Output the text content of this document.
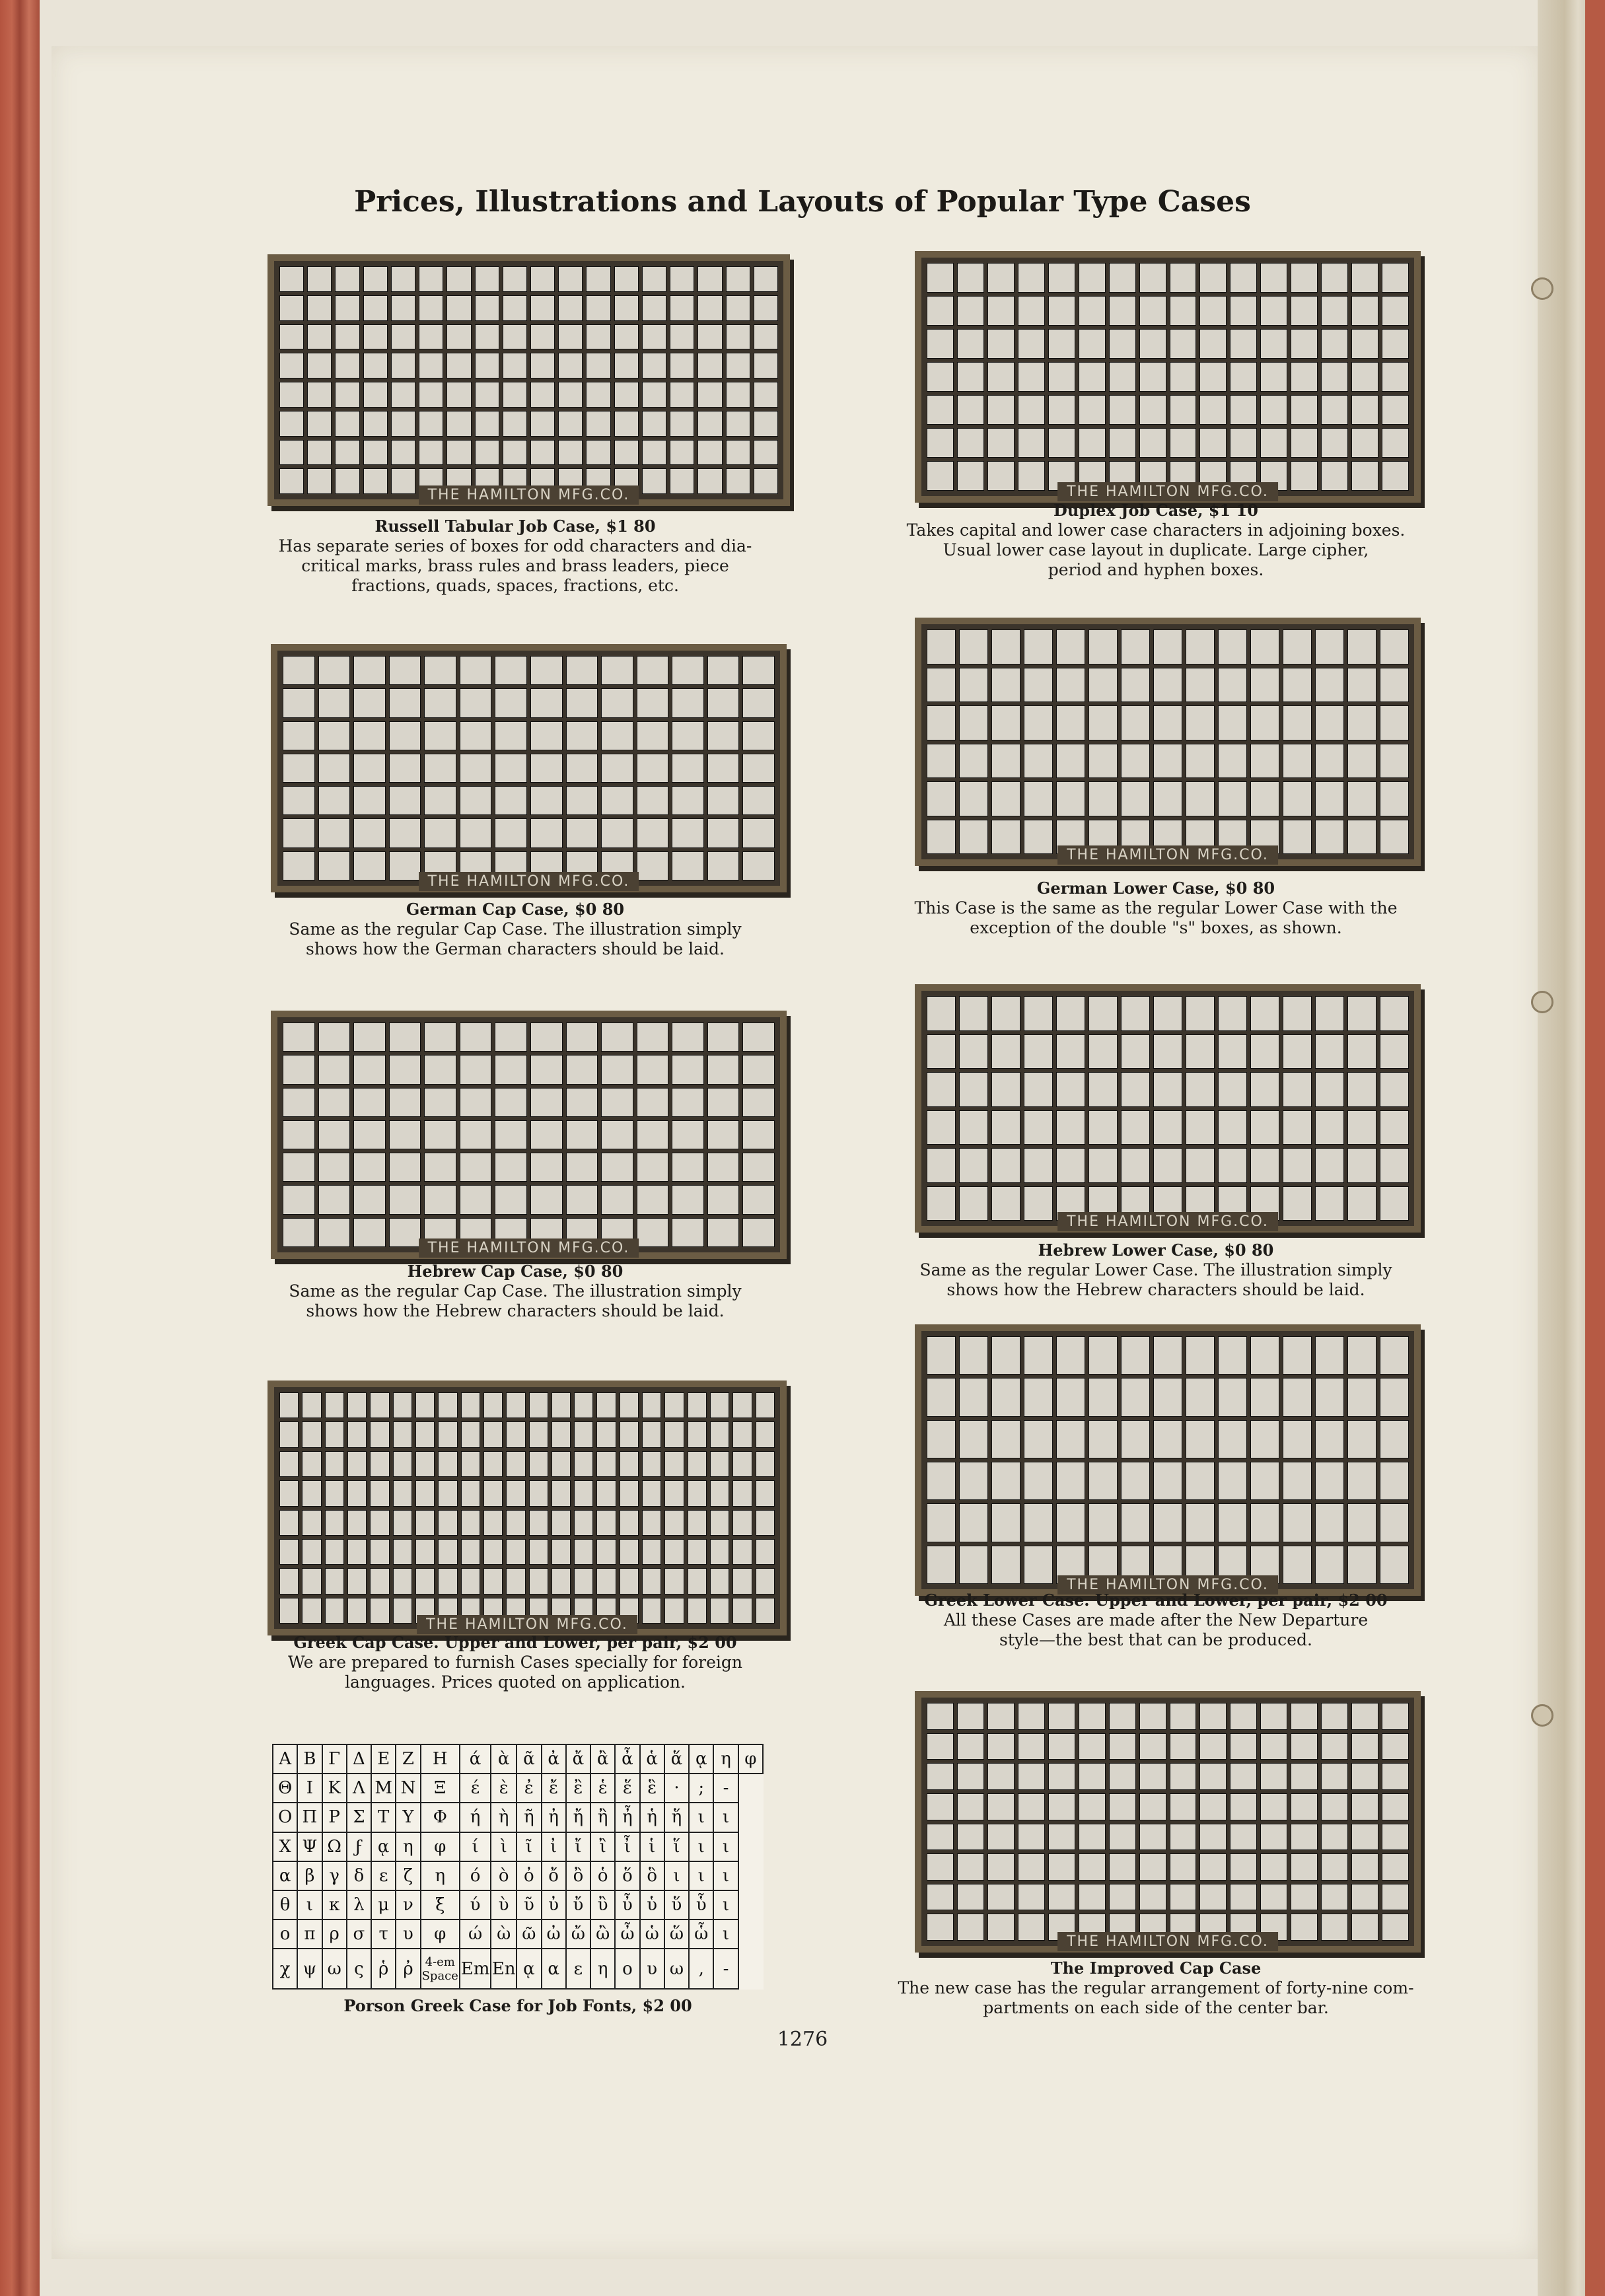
Prices, Illustrations and Layouts of Popular Type Cases
THE HAMILTON MFG.CO.	THE HAMILTON MFG.CO.
THE HAMILTON MFG.CO.
THE HAMILTON MFG.CO.
THE HAMILTON MFG.CO.
THE HAMILTON MFG.CO.
THE HAMILTON MFG.CO.
THE HAMILTON MFG.CO.
THE HAMILTON MFG.CO.
Russell Tabular Job Case, $1 80
Has separate series of boxes for odd characters and dia-
critical marks, brass rules and brass leaders, piece
fractions, quads, spaces, fractions, etc.
Duplex Job Case, $1 10
Takes capital and lower case characters in adjoining boxes.
Usual lower case layout in duplicate. Large cipher,
period and hyphen boxes.
German Cap Case, $0 80
Same as the regular Cap Case. The illustration simply
shows how the German characters should be laid.
German Lower Case, $0 80
This Case is the same as the regular Lower Case with the
exception of the double "s" boxes, as shown.
Hebrew Cap Case, $0 80
Same as the regular Cap Case. The illustration simply
shows how the Hebrew characters should be laid.
Hebrew Lower Case, $0 80
Same as the regular Lower Case. The illustration simply
shows how the Hebrew characters should be laid.
Greek Cap Case. Upper and Lower, per pair, $2 00
We are prepared to furnish Cases specially for foreign
languages. Prices quoted on application.
Greek Lower Case. Upper and Lower, per pair, $2 00
All these Cases are made after the New Departure
style—the best that can be produced.
The Improved Cap Case
The new case has the regular arrangement of forty-nine com-
partments on each side of the center bar.
Α	Β	Γ	Δ	Ε	Ζ	Η	ά	ὰ	ᾶ	ἀ	ἄ	ἂ	ἆ	ἁ	ἅ	ᾳ	η	φ
Θ	Ι	Κ	Λ	Μ	Ν	Ξ	έ	ὲ	ἐ	ἔ	ἒ	ἑ	ἕ	ἓ	·	;	-	
Ο	Π	Ρ	Σ	Τ	Υ	Φ	ή	ὴ	ῆ	ἠ	ἤ	ἢ	ἦ	ἡ	ἥ	ι	ι	
Χ	Ψ	Ω	ϝ	ᾳ	η	φ	ί	ὶ	ῖ	ἰ	ἴ	ἲ	ἶ	ἱ	ἵ	ι	ι	
α	β	γ	δ	ε	ζ	η	ό	ὸ	ὀ	ὄ	ὂ	ὁ	ὅ	ὃ	ι	ι	ι	
θ	ι	κ	λ	μ	ν	ξ	ύ	ὺ	ῦ	ὐ	ὔ	ὒ	ὖ	ὑ	ὕ	ὗ	ι	
ο	π	ρ	σ	τ	υ	φ	ώ	ὼ	ῶ	ὠ	ὤ	ὢ	ὦ	ὡ	ὥ	ὧ	ι	
χ	ψ	ω	ς	ῥ	ῤ	4-em Space	Em	En	ᾳ	α	ε	η	ο	υ	ω	,	-	
Porson Greek Case for Job Fonts, $2 00
1276
